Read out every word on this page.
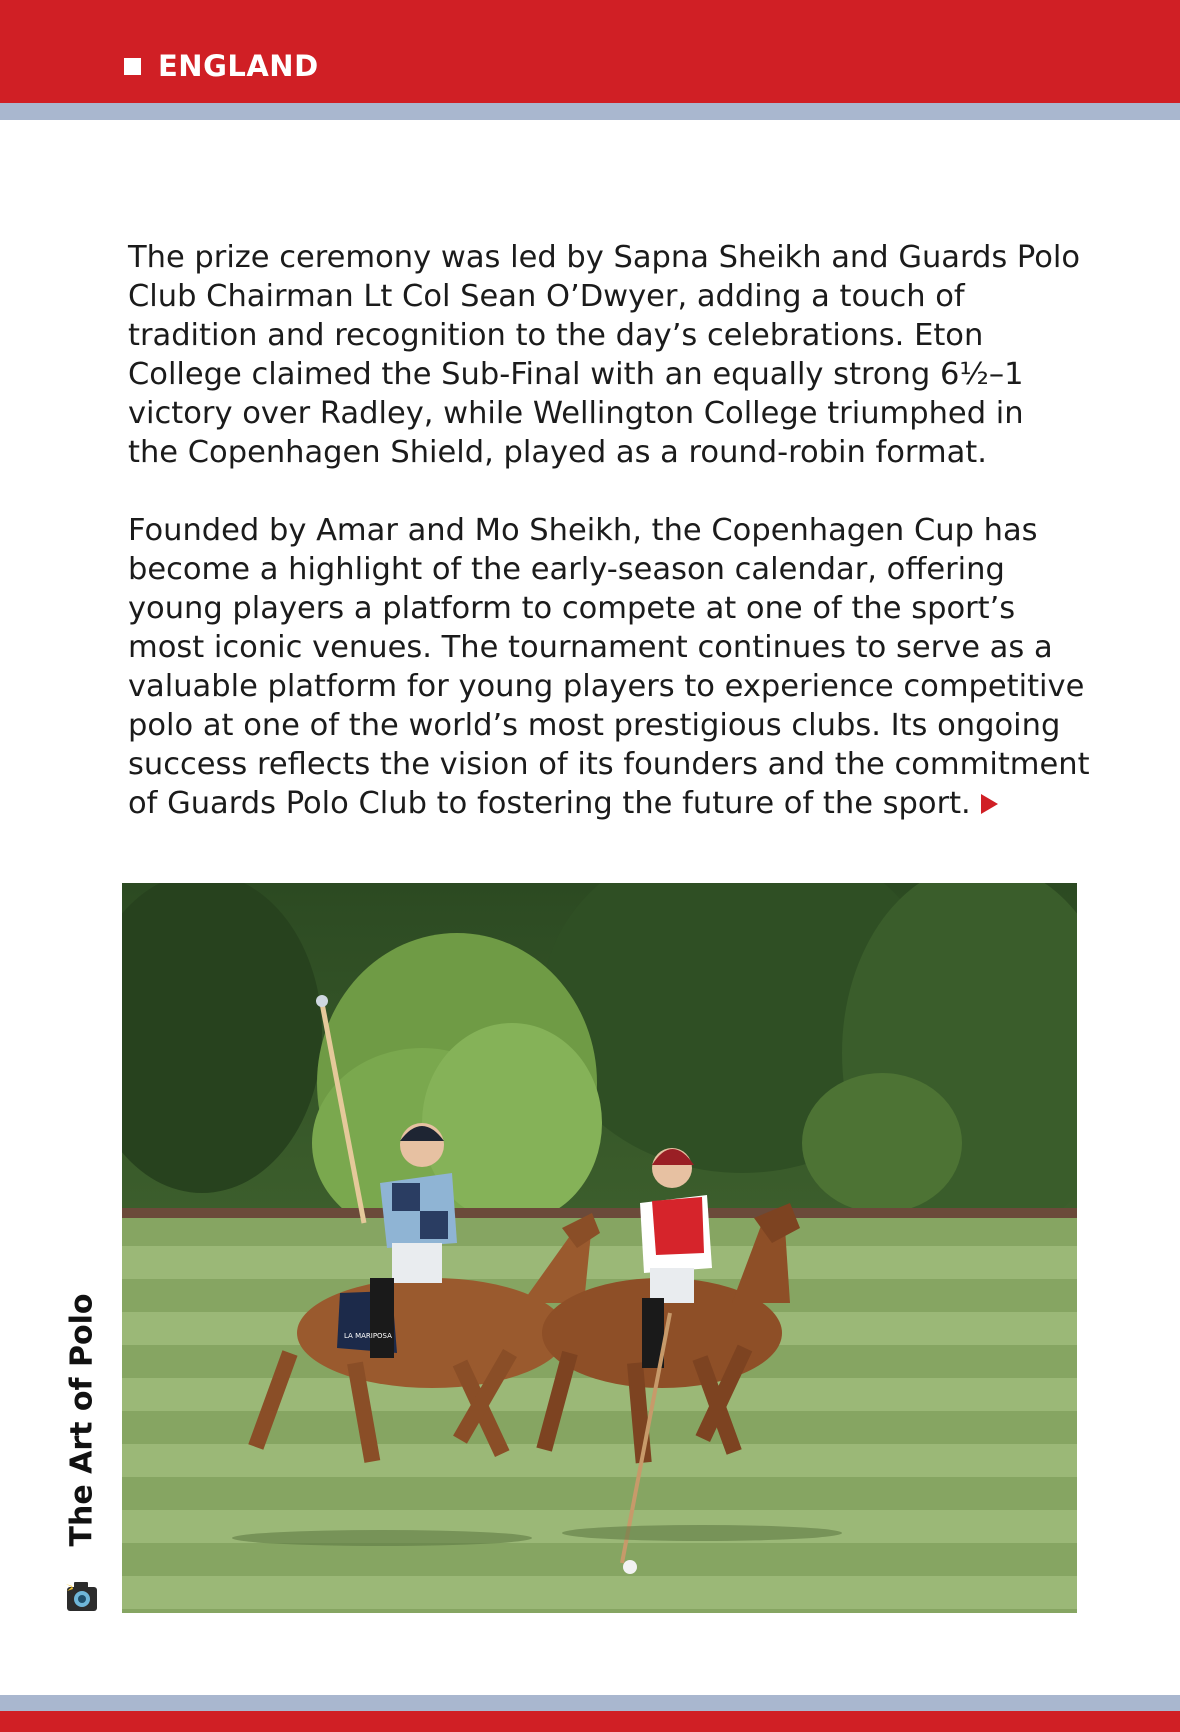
ENGLAND

The prize ceremony was led by Sapna Sheikh and Guards Polo
Club Chairman Lt Col Sean O’Dwyer, adding a touch of
tradition and recognition to the day’s celebrations. Eton
College claimed the Sub-Final with an equally strong 6½–1
victory over Radley, while Wellington College triumphed in
the Copenhagen Shield, played as a round-robin format.

Founded by Amar and Mo Sheikh, the Copenhagen Cup has
become a highlight of the early-season calendar, offering
young players a platform to compete at one of the sport’s
most iconic venues. The tournament continues to serve as a
valuable platform for young players to experience competitive
polo at one of the world’s most prestigious clubs. Its ongoing
success reflects the vision of its founders and the commitment
of Guards Polo Club to fostering the future of the sport.

LA MARIPOSA
The Art of Polo
